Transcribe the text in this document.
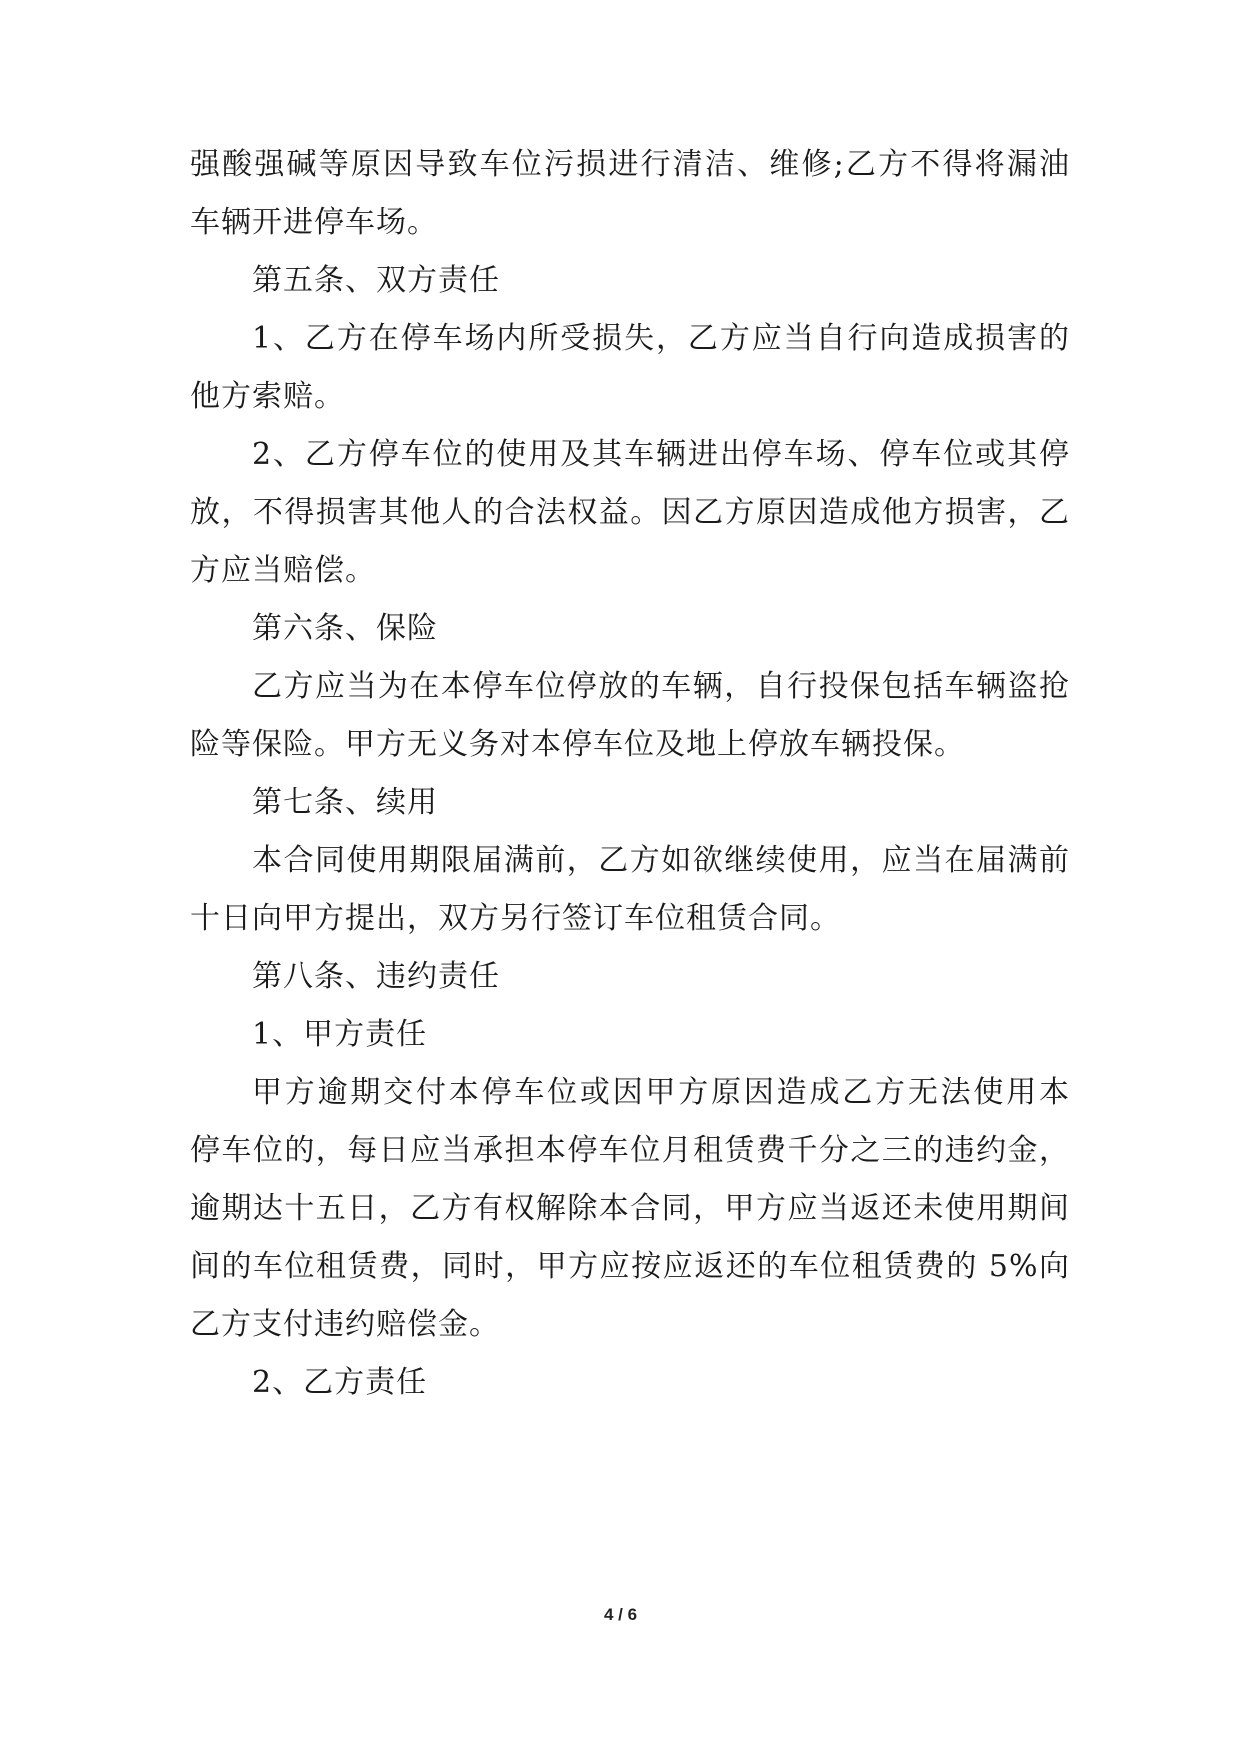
强酸强碱等原因导致车位污损进行清洁、维修;乙方不得将漏油
车辆开进停车场。
第五条、双方责任
1、乙方在停车场内所受损失，乙方应当自行向造成损害的
他方索赔。
2、乙方停车位的使用及其车辆进出停车场、停车位或其停
放，不得损害其他人的合法权益。因乙方原因造成他方损害，乙
方应当赔偿。
第六条、保险
乙方应当为在本停车位停放的车辆，自行投保包括车辆盗抢
险等保险。甲方无义务对本停车位及地上停放车辆投保。
第七条、续用
本合同使用期限届满前，乙方如欲继续使用，应当在届满前
十日向甲方提出，双方另行签订车位租赁合同。
第八条、违约责任
1、甲方责任
甲方逾期交付本停车位或因甲方原因造成乙方无法使用本
停车位的，每日应当承担本停车位月租赁费千分之三的违约金，
逾期达十五日，乙方有权解除本合同，甲方应当返还未使用期间
间的车位租赁费，同时，甲方应按应返还的车位租赁费的 5%向
乙方支付违约赔偿金。
2、乙方责任
4 / 6
